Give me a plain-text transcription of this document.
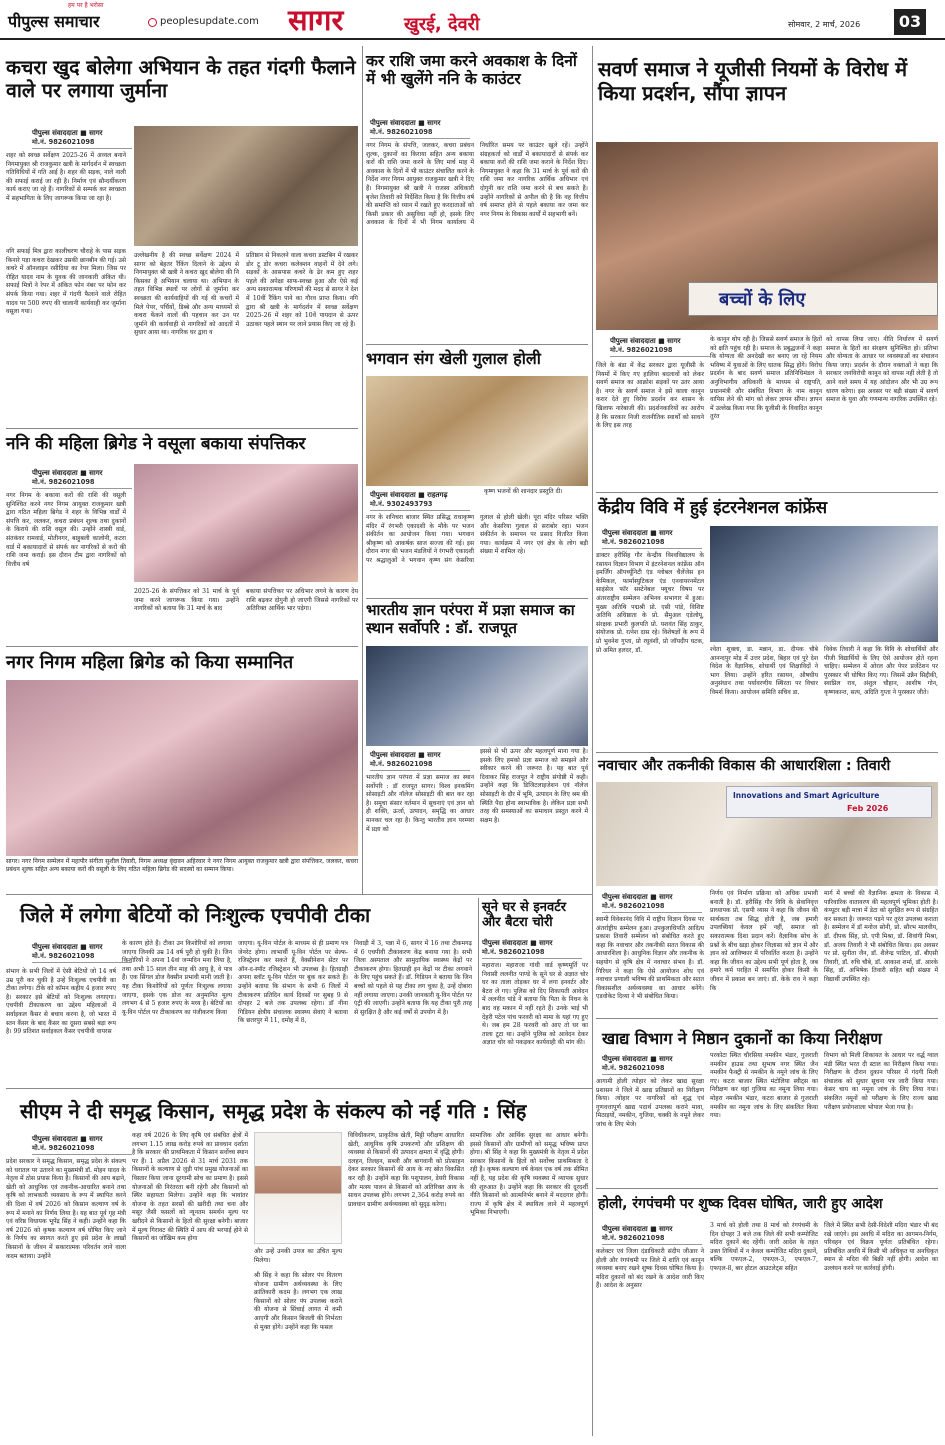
पीपुल्स समाचार
हम पर है भरोसा
peoplesupdate.com सागर	खुरई, देवरी	सोमवार, 2 मार्च, 2026	03
कचरा खुद बोलेगा अभियान के तहत गंदगी फैलाने वाले पर लगाया जुर्माना
पीपुल्स संवाददाता ■ सागर
मो.नं. 9826021098
शहर को स्वच्छ सर्वेक्षण 2025-26 में अव्वल बनाने निगमायुक्त श्री राजकुमार खत्री के मार्गदर्शन में स्वच्छता गतिविधियों में गति आई है। शहर की सड़क, नाले नाली की सफाई कराई जा रही है। निर्माण एवं सौन्दर्यीकरण कार्य कराए जा रहे हैं। नागरिकों से सम्पर्क कर स्वच्छता में सहभागिता के लिए जागरूक किया जा रहा है।
नगि सफाई मित्र द्वारा कालीचरण चौराहे के पास सड़क किनारे पड़ा कचरा देखकर उसकी छानबीन की गई। उसे कचरे में ऑनलाइन रसीदिया का रेपर मिला। जिस पर रोहित यादव नाम के युवक की जानकारी अंकित थी। सफाई मित्रों ने रेपर में अंकित फोन नंबर पर फोन कर संपर्क किया गया। शहर में गंदगी फैलाने वाले रोहित यादव पर 500 रुपए की चालानी कार्यवाही कर जुर्माना वसूला गया।
उल्लेखनीय है की स्वच्छ सर्वेक्षण 2024 में सागर को बेहतर रैंकिंग दिलाने के उद्देश्य से निगमायुक्त श्री खत्री ने कचरा खुद बोलेगा की नि किसका है अभियान चलाया था। अभियान के तहत विभिन्न स्थलों पर लोगों से जुर्माना कर स्वच्छता की कार्यवाहियों की गई थी कचरों में मिले पेपर, पर्चियों, डिब्बे और अन्य माध्यमों से कचरा फेंकने वालों की पहचान कर उन पर जुर्माने की कार्यवाही से नागरिकों को आदतों में सुधार आया था। नागरिक घर द्वारा व
प्रतिष्ठान से निकलने वाला कचरा डस्टबिन में रखकर डोर टू डोर कचरा कलेक्शन वाहनों में देने लगे। सड़कों के आसपास कचरे के ढेर कम हुए शहर पहले की अपेक्षा साफ-स्वच्छ हुआ और ऐसे कई अन्य सकारात्मक परिणामों की मदद से सागर ने देश में 10वीं रैंकिंग पाने का गौरव प्राप्त किया। नगि द्वारा श्री खत्री के मार्गदर्शन में स्वच्छ सर्वेक्षण 2025-26 में शहर को 10वें पायदान से ऊपर उठाकर पहले स्थान पर लाने प्रयास किए जा रहे हैं।
कर राशि जमा करने अवकाश के दिनों में भी खुलेंगे ननि के काउंटर
पीपुल्स संवाददाता ■ सागर
मो.नं. 9826021098
नगर निगम के संपत्ति, जलकर, कचरा प्रबंधन शुल्क, दुकानों का किराया सहित अन्य बकाया करों की राशि जमा करने के लिए मार्च माह में अवकाश के दिनों में भी काउंटर संचालित करने के निर्देश नगर निगम आयुक्त राजकुमार खत्री ने दिए हैं। निगमायुक्त श्री खत्री ने राजस्व अधिकारी बृजेश तिवारी को निर्देशित किया है कि वित्तीय वर्ष की समाप्ति को ध्यान में रखते हुए करदाताओं को किसी प्रकार की असुविधा नहीं हो, इसके लिए अवकाश के दिनों में भी निगम कार्यालय में निर्धारित समय पर काउंटर खुले रहें। उन्होंने संग्रहकर्ता को वार्डों में बकायादारों से संपर्क कर बकाया करों की राशि जमा कराने के निर्देश दिए। निगमायुक्त ने कहा कि 31 मार्च के पूर्व करों की राशि जमा कर नागरिक आर्थिक अधिभार एवं दोगुनी कर राशि जमा करने से बच सकते हैं। उन्होंने नागरिकों से अपील की है कि वह वित्तीय वर्ष समाप्त होने से पहले बकाया कर जमा कर नगर निगम के विकास कार्यों में सहभागी बनें।
सवर्ण समाज ने यूजीसी नियमों के विरोध में किया प्रदर्शन, सौंपा ज्ञापन
बच्चों के लिए
पीपुल्स संवाददाता ■ सागर
मो.नं. 9826021098
जिले के बंडा में केंद्र सरकार द्वारा यूजीसी के नियमों में किए गए हालिया बदलावों को लेकर सवर्ण समाज का आक्रोश सड़कों पर उतर आया है। नगर के सवर्ण समाज ने इसे काला कानून करार देते हुए विरोध प्रदर्शन कर शासन के खिलाफ नारेबाजी की। प्रदर्शनकारियों का आरोप है कि सरकार निजी राजनीतिक स्वार्थों को साधने के लिए इस तरह
के कानून थोप रही है। जिससे सवर्ण समाज के हितों को क्षति पहुंच रही है। समाज के प्रबुद्धजनों ने कहा कि योग्यता की अनदेखी कर बनाए जा रहे नियम भविष्य में युवाओं के लिए घातक सिद्ध होंगे। विरोध प्रदर्शन के बाद सवर्ण समाज प्रतिनिधिमंडल ने अनुविभागीय अधिकारी के माध्यम से राष्ट्रपति, प्रधानमंत्री और संबंधित विभाग के नाम कानून वापिस लेने की मांग को लेकर ज्ञापन सौंपा। ज्ञापन में उल्लेख किया गया कि यूजीसी के विवादित कानून तुरंत
को वापस लिया जाए। नीति निर्धारण में सवर्ण समाज के हितों का संरक्षण सुनिश्चित हो। प्रतिभा और योग्यता के आधार पर व्यवस्थाओं का संचालन किया जाए। प्रदर्शन के दौरान वक्ताओं ने कहा कि सरकार जनविरोधी कानून को वापस नहीं लेती है तो आने वाले समय में यह आंदोलन और भी उग्र रूप धारण करेगा। इस अवसर पर बड़ी संख्या में सवर्ण समाज के युवा और गणमान्य नागरिक उपस्थित रहे।
ननि की महिला ब्रिगेड ने वसूला बकाया संपत्तिकर
पीपुल्स संवाददाता ■ सागर
मो.नं. 9826021098
नगर निगम के बकाया करों की राशि की वसूली सुनिश्चित करने नगर निगम आयुक्त राजकुमार खत्री द्वारा गठित महिला ब्रिगेड ने शहर के विभिन्न वार्डों में संपत्ति कर, जलकर, कचरा प्रबंधन शुल्क तथा दुकानों के किराये की राशि वसूल की। उन्होंने शास्त्री वार्ड, संतकंवर रामवार्ड, मोतीनगर, बाहुबली कालोनी, कटरा वार्ड में बकायादारों से संपर्क कर नागरिकों से करों की राशि जमा कराई। इस दौरान टीम द्वारा नागरिकों को वित्तीय वर्ष
2025-26 के संपत्तिकर को 31 मार्च के पूर्व जमा करने जागरूक किया गया। उन्होंने नागरिकों को बताया कि 31 मार्च के बाद
बकाया संपत्तिकर पर अधिभार लगने के कारण देय राशि बढ़कर दोगुनी हो जाएगी जिससे नागरिकों पर अतिरिक्त आर्थिक भार पड़ेगा।
भगवान संग खेली गुलाल होली
पीपुल्स संवाददाता ■ राहतगढ़
मो.नं. 9302493793
कृष्ण भजनों की शानदार प्रस्तुति दी।
नगर के शनिचरा बाजार स्थित प्रसिद्ध राधाकृष्ण मंदिर में रंगभरी एकादशी के मौके पर भजन संकीर्तन का आयोजन किया गया। भगवान श्रीकृष्ण को आकर्षक साज सज्जा की गई। इस दौरान नगर की भजन मंडलियों ने रंगभरी एकादशी पर श्रद्धालुओं ने भगवान कृष्ण संग केसरिया गुलाल से होली खेली। पूरा मंदिर परिसर भक्ति और केसरिया गुलाल से सराबोर रहा। भजन संकीर्तन के समापन पर प्रसाद वितरित किया गया। कार्यक्रम में नगर एवं क्षेत्र के लोग बड़ी संख्या में शामिल रहे।
भारतीय ज्ञान परंपरा में प्रज्ञा समाज का स्थान सर्वोपरि : डॉ. राजपूत
पीपुल्स संवाददाता ■ सागर
मो.नं. 9826021098
भारतीय ज्ञान परंपरा में प्रज्ञा समाज का स्थान सर्वोपरि : डॉ राजपूत सागर। विश्व इनकमिंग सोसाइटी और नॉलेज सोसाइटी की बात कर रहा है। समूचा संसार वर्तमान में सूचनाएं एवं ज्ञान को ही शक्ति, ऊर्जा, उत्पादन, समृद्धि का आधार मानकर चल रहा है। किन्तु भारतीय ज्ञान परम्परा में प्रज्ञा को
इससे से भी ऊपर और महत्वपूर्ण माना गया है। इसके लिए हमको प्रज्ञा समाज को समझने और स्वीकार करने की जरूरत है। यह बात पूर्व दिवाकर सिंह राजपूत ने राष्ट्रीय संगोष्ठी में कही। उन्होंने कहा कि डिजिटलाइजेशन एवं नॉलेज सोसाइटी के दौर में भूमि, उत्पादन के लिए श्रम की स्थिति पैदा होना स्वाभाविक है। लेकिन प्रज्ञा सभी तरह की समस्याओं का समाधान प्रस्तुत करने में सक्षम है।
नगर निगम महिला ब्रिगेड को किया सम्मानित
सागर। नगर निगम सम्मेलन में महापौर संगीता सुशील तिवारी, निगम अध्यक्ष वृंदावन अहिरवार ने नगर निगम आयुक्त राजकुमार खत्री द्वारा संपत्तिकर, जलकर, कचरा प्रबंधन शुल्क सहित अन्य बकाया करों की वसूली के लिए गठित महिला ब्रिगेड की सदस्यों का सम्मान किया।
केंद्रीय विवि में हुई इंटरनेशनल कांफ्रेंस
पीपुल्स संवाददाता ■ सागर
मो.नं. 9826021098
डाक्टर हरीसिंह गौर केन्द्रीय विश्वविद्यालय के रसायन विज्ञान विभाग में इंटरनेशनल कांफ्रेंस ऑन इमर्जिंग ऑपर्च्यूनिटी एंड ग्लोबल चैलेंजेस इन केमिकल, फार्मास्युटिकल एंड एनवायरनमेंटल साइंसेज फॉर सस्टेनेबल फ्यूचर विषय पर अंतरराष्ट्रीय सम्मेलन अभिनव सभागार में हुआ। मुख्य अतिथि पद्मश्री प्रो. एसी पांडे, विशिष्ट अतिथि अधिष्ठाता के प्रो. सैमुअल एडेलोयू, संरक्षक प्रभारी कुलपति प्रो. यशवंत सिंह ठाकुर, संयोजक प्रो. रत्नेश दास रहे। विशेषज्ञों के रूप में प्रो भुवनेश गुप्ता, प्रो रघुवंशी, प्रो जॉयदीप घटक, प्रो अमित हलदर, डॉ.	श्वेता शुक्ला, डा. मन्नान, डा. दीपक चौबे आनन्दपुर मोड़ में उत्तर प्रदेश, बिहार एवं पूरे देश विदेश के वैज्ञानिक, शोधार्थी एवं शिक्षाविदों ने भाग लिया। उन्होंने हरित रसायन, औषधीय अनुसंधान तथा पर्यावरणीय स्थिरता पर विचार विमर्श किया। आयोजन समिति सचिव डा.
विवेक तिवारी ने कहा कि विवि के शोधार्थियों और पीजी विद्यार्थियों के लिए ऐसे आयोजन होते रहना चाहिए। सम्मेलन में ओरल और पेपर प्रजेंटेशन पर पुरस्कार भी घोषित किए गए। जिसमें उन्नैन सिद्दीकी, स्वाप्निल राव, अंशुल चौहान, आशीष गोन, कृष्णकान्त, सत्य, अदिति गुप्ता ने पुरस्कार जीते।
नवाचार और तकनीकी विकास की आधारशिला : तिवारी
Innovations and Smart Agriculture
Feb 2026
पीपुल्स संवाददाता ■ सागर
मो.नं. 9826021098
स्वामी विवेकानंद विवि में राष्ट्रीय विज्ञान दिवस पर अंतर्राष्ट्रीय सम्मेलन हुआ। उपकुलाधिपति आदित्य प्रकाश तिवारी सम्मेलन को संबोधित करते हुए कहा कि नवाचार और तकनीकी सतत विकास की आधारशिला है। आधुनिक विज्ञान और तकनीक के सहयोग से कृषि क्षेत्र में नवाचार संभव है। डॉ. गिरिधर ने कहा कि ऐसे आयोजन शोध एवं नवाचार प्रणाली भविष्य की प्राथमिकता और सतत विकासशील अर्थव्यवस्था का आधार बनेंगे। एडवोकेट दिव्या ने भी संबोधित किया।
निर्णय एवं निर्माण प्रक्रिया को अधिक प्रभावी बनाती है। डॉ. हरीसिंह गौर विवि के सेवानिवृत्त प्राध्यापक प्रो. एसपी व्यास ने कहा कि जीवन की सार्थकता तब सिद्ध होती है, जब हमारी उपलब्धियां केवल हमें नहीं, समाज को सकारात्मक दिशा प्रदान करें। वैज्ञानिक सोच के प्रश्नों के बीच खड़ा होकर जिज्ञासा को ज्ञान में और ज्ञान को आविष्कार में परिवर्तित करता है। उन्होंने कहा कि जीवन का उद्देश्य सभी पूर्ण होता है, जब हमारे कर्म परहित में समर्पित होकर किसी के जीवन में प्रकाश बन जाएं। डॉ. केके राव ने कहा कि
मार्ग में बच्चों की वैज्ञानिक क्षमता के विकास में पारिवारिक वातावरण की महत्वपूर्ण भूमिका होती है। कंप्यूटर बड़ी मात्रा में डेटा को सुरक्षित रूप से संग्रहित कर सकता है। जरूरत पड़ने पर तुरंत उपलब्ध कराता है। सम्मेलन में डॉ मनोज सोनी, प्रो. सौरभ मालवीय, डॉ. दीपक सिंह, प्रो. एपी मिश्रा, डॉ. शिवांगी मिश्रा, डॉ. अजय तिवारी ने भी संबोधित किया। इस अवसर पर प्रो. सुनीता जैन, डॉ. शैलेन्द्र पाटिल, डॉ. बीएसी तिवारी, डॉ. रुचि चौबे, डॉ. आकाश शर्मा, डॉ. आरके सिंह, डॉ. अभिषेक तिवारी सहित बड़ी संख्या में विद्यार्थी उपस्थित रहे।
जिले में लगेगा बेटियों को निःशुल्क एचपीवी टीका
पीपुल्स संवाददाता ■ सागर
मो.नं. 9826021098
संभाग के सभी जिलों में ऐसी बेटियों जो 14 वर्ष उम्र पूरी कर चुकी है उन्हें निःशुल्क एचपीवी का टीका लगेगा। टीके को कॉमन कहीय 4 हजार रुपए है। सरकार इसे बेटियों को निःशुल्क लगाएगा। एचपीवी टीकाकरण का उद्देश्य महिलाओं में सर्वाइकल कैंसर से बचाव करना है, जो भारत में स्तन कैंसर के बाद कैंसर का दूसरा सबसे बड़ा रूप है। 99 प्रतिशत सर्वाइकल कैंसर एचपीवी वायरस
के कारण होते हैं। टीका उन किशोरियों को लगाया जाएगा जिनकी उम्र 14 वर्ष पूरी हो चुकी है। जिन किशोरियों ने अपना 14वां जन्मदिन मना लिया है, तथा अभी 15 साल तीन माह की आयु है, वे पात्र हैं। एक सिंगल डोज वैक्सीन प्रभावी मानी जाती है। यह टीका किशोरियों को पूर्णतः निःशुल्क लगाया जाएगा, इसके एक डोज का अनुमानित मूल्य लगभग 4 से 5 हजार रुपए के मध्य है। बेटियों का यू-विन पोर्टल पर टीकाकरण का पंजीकरण किया
जाएगा। यू-विन पोर्टल के माध्यम से ही प्रमाण पत्र जेनरेट होगा। लाभार्थी यू-विन पोर्टल पर सेल्फ-रजिस्ट्रेशन कर सकते हैं, वैक्सीनेशन सेंटर पर ऑन-द-स्पॉट रजिस्ट्रेशन भी उपलब्ध है। हितग्राही अपना स्लॉट यू-विन पोर्टल पर बुक कर सकते हैं। उन्होंने बताया कि संभाग के सभी 6 जिलों में टीकाकरण प्रतिदिन कार्य दिवसों पर सुबह 9 से दोपहर 2 बजे तक उपलब्ध रहेगा। डॉ नीना गिडियन क्षेत्रीय संचालक स्वास्थ्य सेवाएं ने बताया कि छतरपुर में 11, दमोह में 8,
निवाड़ी में 3, पन्ना में 6, सागर में 16 तथा टीकमगढ़ में 6 एचपीवी टीकाकरण केंद्र बनाया गया है। सभी जिला अस्पताल और सामुदायिक स्वास्थ्य केंद्रों पर टीकाकरण होगा। हितग्राही इन केंद्रों पर टीका लगवाने के लिए पहुंच सकते हैं। डॉ. गिडियन ने बताया कि जिन बच्चों को पहले से यह टीका लग चुका है, उन्हें दोबारा नहीं लगाया जाएगा। उनकी जानकारी यू-विन पोर्टल पर एंट्री की जाएगी। उन्होंने बताया कि यह टीका पूरी तरह से सुरक्षित है और कई वर्षों से उपयोग में है।
सूने घर से इनवर्टर और बैटरा चोरी
पीपुल्स संवाददाता ■ सागर
मो.नं. 9826021098
महाराज। महाराजा गांधी वार्ड कृष्णमूर्ति पर निवासी ललनीत पाण्डे के सूने घर से अज्ञात चोर घर का ताला तोड़कर घर में लगा इनवर्टर और बैटरा ले गए। पुलिस को दिए शिकायती आवेदन में ललनीत पांडे ने बताया कि पिता के निधन के बाद वह मकान में नहीं रहते हैं। उनके भाई भी देहरी पटेल पांच फरवरी को मामा के यहां गए हुए थे। जब हम 28 फरवरी को आए तो घर का ताला टूटा था। उन्होंने पुलिस को आवेदन देकर अज्ञात चोर को पकड़कर कार्यवाही की मांग की। खाद्य विभाग ने मिष्ठान दुकानों का किया निरीक्षण
पीपुल्स संवाददाता ■ सागर
मो.नं. 9826021098
आगामी होली त्योहार को लेकर खाद्य सुरक्षा प्रशासन ने जिले में खाद्य प्रतिष्ठानों का निरीक्षण किया। त्योहार पर नागरिकों को शुद्ध एवं गुणवत्तापूर्ण खाद्य पदार्थ उपलब्ध कराने मावा, मिठाइयों, नमकीन, गुजिया, चक्की के नमूने लेकर जांच के लिए भेजे।
परकोटा स्थित चौरसिया नमकीन भंडार, गुजराती नमकीन हाउस तथा सुभाष नगर स्थित जैन नमकीन फैक्ट्री से नमकीन के नमूने जांच के लिए गए। कटरा बाजार स्थित मंटोलिया स्वीट्स का निरीक्षण कर वहां गुजिया का नमूना लिया गया। मोहरा नमकीन भंडार, कटरा बाजार से गुजराती नमकीन का नमूना जांच के लिए संकलित किया गया।
विभाग को मिली शिकायत के आधार पर वर्द्ध ग्वाल मंडी स्थित भरत दी स्टाल का निरीक्षण किया गया। निरीक्षण के दौरान दुकान परिसर में गंदगी मिली संचालक को सुधार सूचना पत्र जारी किया गया। केसर चाय का नमूना जांच के लिए लिया गया। संकलित नमूनों को परीक्षण के लिए राज्य खाद्य परीक्षण प्रयोगशाला भोपाल भेजा गया है।
सीएम ने दी समृद्ध किसान, समृद्ध प्रदेश के संकल्प को नई गति : सिंह
पीपुल्स संवाददाता ■ सागर
मो.नं. 9826021098
प्रदेश सरकार ने समृद्ध किसान, समृद्ध प्रदेश के संकल्प को धरातल पर उतारने का मुख्यमंत्री डॉ. मोहन यादव के नेतृत्व में ठोस प्रयास किया है। किसानों की आय बढ़ाने, खेती को आधुनिक एवं तकनीक-आधारित बनाने तथा कृषि को लाभकारी व्यवसाय के रूप में स्थापित करने की दिशा में वर्ष 2026 को किसान कल्याण वर्ष के रूप में मनाने का निर्णय लिया है। यह बात पूर्व गृह मंत्री एवं वरिष्ठ विधायक भूपेंद्र सिंह ने कही। उन्होंने कहा कि वर्ष 2026 को कृषक कल्याण वर्ष घोषित किए जाने के निर्णय का स्वागत करते हुए इसे प्रदेश के लाखों किसानों के जीवन में सकारात्मक परिवर्तन लाने वाला कदम बताया। उन्होंने
कहा वर्ष 2026 के लिए कृषि एवं संबंधित क्षेत्रों में लगभग 1.15 लाख करोड़ रुपये का प्रावधान दर्शाता है कि सरकार की प्राथमिकता में किसान सर्वोच्च स्थान पर हैं। 1 अप्रैल 2026 से 31 मार्च 2031 तक किसानों के कल्याण से जुड़ी पांच प्रमुख योजनाओं का विस्तार किया जाना दूरगामी सोच का प्रमाण है। इससे योजनाओं की निरंतरता बनी रहेगी और किसानों को स्थिर सहायता मिलेगा। उन्होंने कहा कि भावांतर योजना के तहत सरसों की खरीदी तथा चना और मसूर जैसी फसलों को न्यूनतम समर्थन मूल्य पर खरीदने से किसानों के हितों की सुरक्षा बनेगी। बाजार में मूल्य गिरावट की स्थिति में आय की भरपाई होने से किसानों का जोखिम कम होगा
और उन्हें उनकी उपज का उचित मूल्य मिलेगा।
श्री सिंह ने कहा कि सोलर पंप वितरण योजना ग्रामीण अर्थव्यवस्था के लिए क्रांतिकारी कदम है। लगभग एक लाख किसानों को सोलर पंप उपलब्ध कराने की योजना से सिंचाई लागत में कमी आएगी और किसान बिजली की निर्भरता से मुक्त होंगे। उन्होंने कहा कि फसल
विविधीकरण, प्राकृतिक खेती, मिट्टी परीक्षण आधारित खेती, आधुनिक कृषि उपकरणों और प्रशिक्षण की व्यवस्था से किसानों की उत्पादन क्षमता में वृद्धि होगी। दलहन, तिलहन, सब्जी और बागवानी को प्रोत्साहन देकर सरकार किसानों की आय के नए स्रोत विकसित कर रही है। उन्होंने कहा कि पशुपालन, डेयरी विकास और मत्स्य पालन से किसानों को अतिरिक्त आय के साधन उपलब्ध होंगे। लगभग 2,364 करोड़ रुपये का प्रावधान ग्रामीण अर्थव्यवस्था को सुदृढ़ करेगा।
सामाजिक और आर्थिक सुरक्षा का आधार बनेगी। इससे किसानों और ग्रामीणों को समृद्ध भविष्य प्राप्त होगा। श्री सिंह ने कहा कि मुख्यमंत्री के नेतृत्व में प्रदेश सरकार किसानों के हितों को सर्वोच्च प्राथमिकता दे रही है। कृषक कल्याण वर्ष केवल एक वर्ष तक सीमित नहीं है, यह प्रदेश की कृषि व्यवस्था में व्यापक सुधार की शुरुआत है। उन्होंने कहा कि सरकार की दूरदर्शी नीति किसानों को आत्मनिर्भर बनाने में मददगार होगी। राज्य में कृषि क्षेत्र में स्थायित्व लाने में महत्वपूर्ण भूमिका निभाएगी।
होली, रंगपंचमी पर शुष्क दिवस घोषित, जारी हुए आदेश
पीपुल्स संवाददाता ■ सागर
मो.नं. 9826021098
कलेक्टर एवं जिला दंडाधिकारी संदीप जीआर ने होली और रंगपंचमी पर जिले में शांति एवं कानून व्यवस्था बनाए रखने शुष्क दिवस घोषित किया है। मदिरा दुकानों को बंद रखने के आदेश जारी किए हैं। आदेश के अनुसार
3 मार्च को होली तथा 8 मार्च को रंगपंचमी के दिन दोपहर 3 बजे तक जिले की सभी कम्पोजिट मदिरा दुकानें बंद रहेंगी। जारी आदेश के तहत उक्त तिथियों में न केवल कम्पोजिट मदिरा दुकानें, बल्कि एफएल-2, एफएल-3, एफएल-7, एफएल-8, बार होटल आउटलेट्स सहित
जिले में स्थित सभी देसी-विदेशी मदिरा भंडार भी बंद रखे जाएंगे। इस अवधि में मदिरा का आगमन-निर्गम, परिवहन एवं विक्रय पूर्णतः प्रतिबंधित रहेगा। प्रतिबंधित अवधि में किसी भी अधिकृत या अनधिकृत स्थान से मदिरा की बिक्री नहीं होगी। आदेश का उल्लंघन करने पर कार्रवाई होगी।
